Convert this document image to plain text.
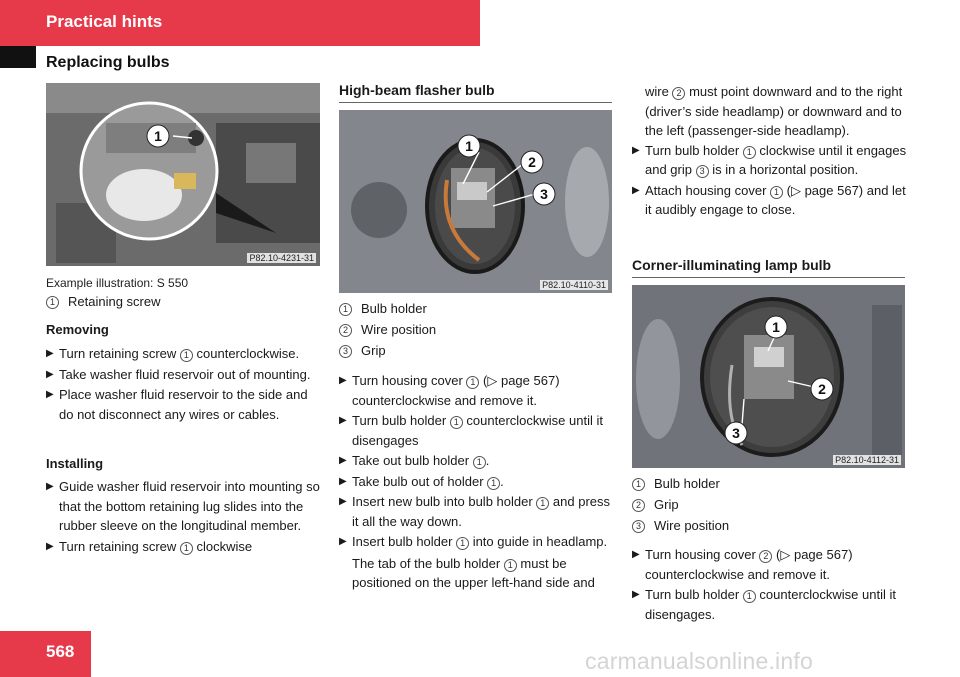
Practical hints
Replacing bulbs
1
P82.10-4231-31
Example illustration: S 550
1	Retaining screw
Removing
▶ Turn retaining screw 1 counterclockwise.
▶ Take washer fluid reservoir out of mounting.
▶ Place washer fluid reservoir to the side and do not disconnect any wires or cables.
Installing
▶ Guide washer fluid reservoir into mounting so that the bottom retaining lug slides into the rubber sleeve on the longitudinal member.
▶ Turn retaining screw 1 clockwise
High-beam flasher bulb
1
2
3
P82.10-4110-31
1	Bulb holder
2	Wire position
3	Grip
▶ Turn housing cover 1 (▷ page 567) counterclockwise and remove it.
▶ Turn bulb holder 1 counterclockwise until it disengages
▶ Take out bulb holder 1 .
▶ Take bulb out of holder 1 .
▶ Insert new bulb into bulb holder 1 and press it all the way down.
▶ Insert bulb holder 1 into guide in headlamp.
The tab of the bulb holder 1 must be positioned on the upper left-hand side and
wire 2 must point downward and to the right (driver’s side headlamp) or downward and to the left (passenger-side headlamp).
▶ Turn bulb holder 1 clockwise until it engages and grip 3 is in a horizontal position.
▶ Attach housing cover 1 (▷ page 567) and let it audibly engage to close.
Corner-illuminating lamp bulb
1
2
3
P82.10-4112-31
1	Bulb holder
2	Grip
3	Wire position
▶ Turn housing cover 2 (▷ page 567) counterclockwise and remove it.
▶ Turn bulb holder 1 counterclockwise until it disengages.
568	carmanualsonline.info
